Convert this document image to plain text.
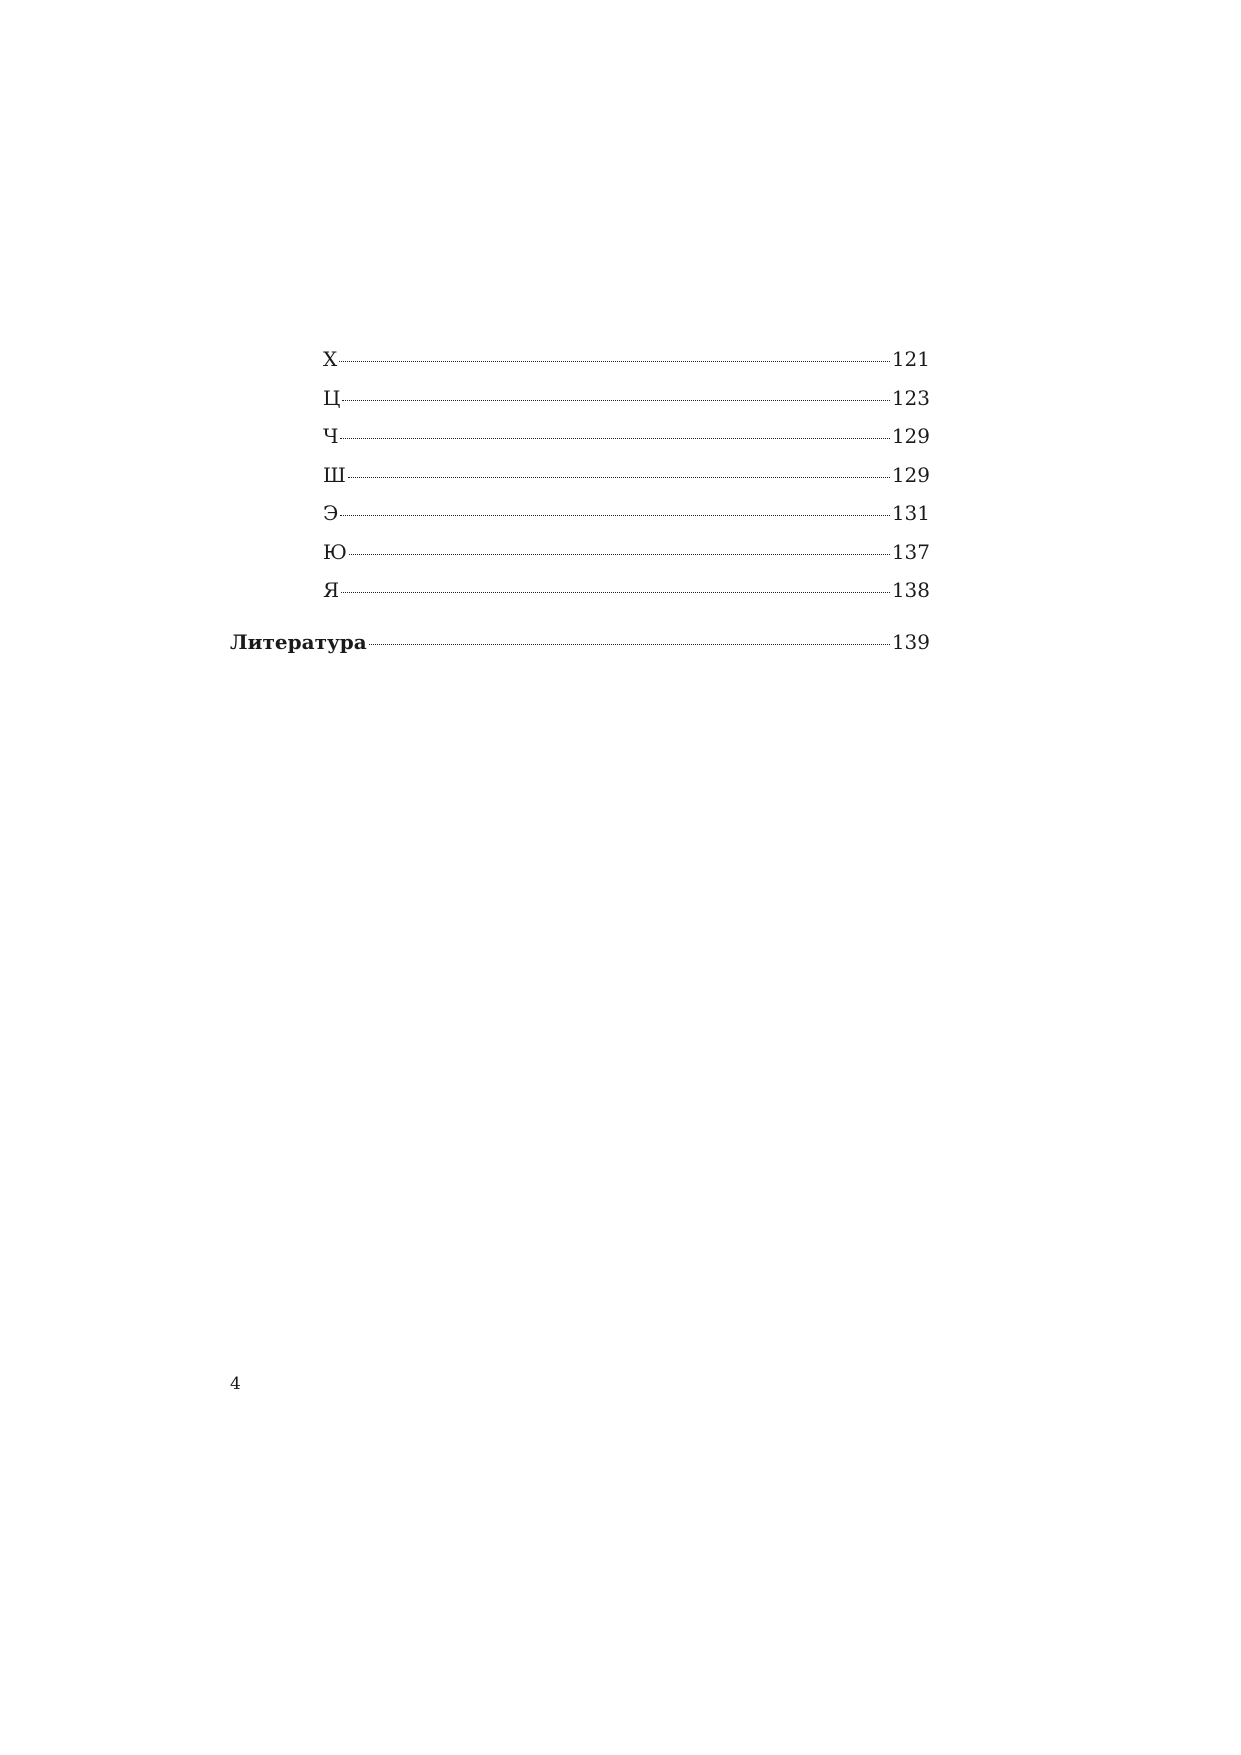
Х	121
Ц	123
Ч	129
Ш	129
Э	131
Ю	137
Я	138
Литература	139
4
